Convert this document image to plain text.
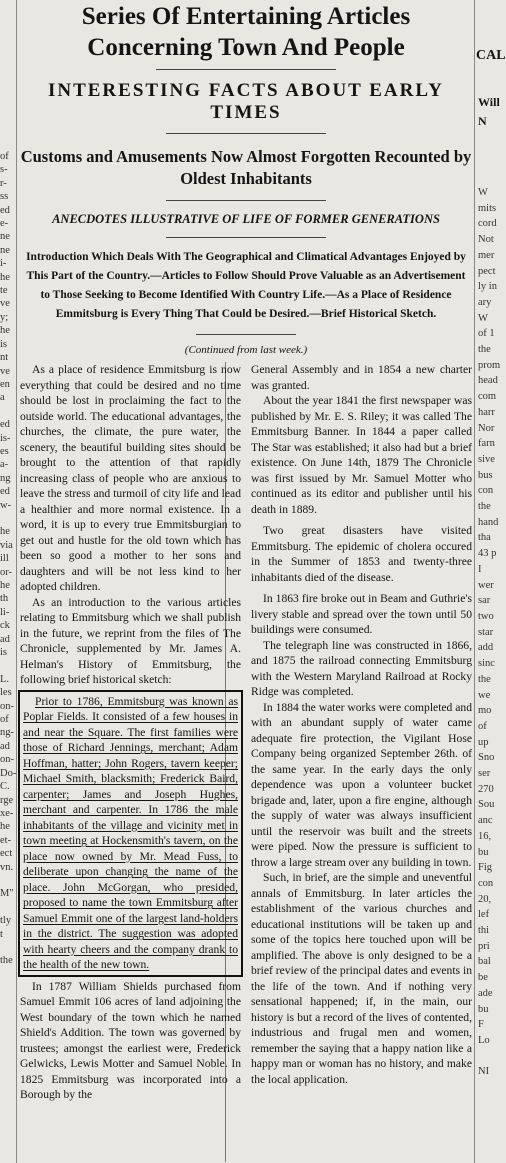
of
s-
r-
ss
ed
e-
ne
ne
i-
he
te
ve
y;
he
is
nt
ve
en
a

ed
is-
es
a-
ng
ed
w-

he
via
ill
or-
he
th
li-
ck
ad
is

L.
les
on-
of
ng-
ad
on-
Do-
C.
rge
xe-
he
et-
ect
vn.

M"

tly
t

the
CAL
Will
N
W
mits
cord
Not
mer
pect
ly in
ary
W
of 1
the
prom
head
com
harr
Nor
farn
sive
bus
con
the
hand
tha
43 p
I
wer
sar
two
star
add
sinc
the
we
mo
of
up
Sno
ser
270
Sou
anc
16,
bu
Fig
con
20,
lef
thi
pri
bal
be
ade
bu
F
Lo

NI

Series Of Entertaining Articles Concerning Town And People
INTERESTING FACTS ABOUT EARLY TIMES
Customs and Amusements Now Almost Forgotten Recounted by Oldest Inhabitants
ANECDOTES ILLUSTRATIVE OF LIFE OF FORMER GENERATIONS

Introduction Which Deals With The Geographical and Climatical Advantages Enjoyed by This Part of the Country.—Articles to Follow Should Prove Valuable as an Advertisement to Those Seeking to Become Identified With Country Life.—As a Place of Residence Emmitsburg is Every Thing That Could be Desired.—Brief Historical Sketch.

(Continued from last week.)

As a place of residence Emmitsburg is now everything that could be desired and no time should be lost in proclaiming the fact to the outside world. The educational advantages, the churches, the climate, the pure water, the scenery, the beautiful building sites should be brought to the attention of that rapidly increasing class of people who are anxious to leave the stress and turmoil of city life and lead a healthier and more normal existence. In a word, it is up to every true Emmitsburgian to get out and hustle for the old town which has been so good a mother to her sons and daughters and will be not less kind to her adopted children.

As an introduction to the various articles relating to Emmitsburg which we shall publish in the future, we reprint from the files of The Chronicle, supplemented by Mr. James A. Helman's History of Emmitsburg, the following brief historical sketch:

Prior to 1786, Emmitsburg was known as Poplar Fields. It consisted of a few houses in and near the Square. The first families were those of Richard Jennings, merchant; Adam Hoffman, hatter; John Rogers, tavern keeper; Michael Smith, blacksmith; Frederick Baird, carpenter; James and Joseph Hughes, merchant and carpenter. In 1786 the male inhabitants of the village and vicinity met in town meeting at Hockensmith's tavern, on the place now owned by Mr. Mead Fuss, to deliberate upon changing the name of the place. John McGorgan, who presided, proposed to name the town Emmitsburg after Samuel Emmit one of the largest land-holders in the district. The suggestion was adopted with hearty cheers and the company drank to the health of the new town.

In 1787 William Shields purchased from Samuel Emmit 106 acres of land adjoining the West boundary of the town which he named Shield's Addition. The town was governed by trustees; amongst the earliest were, Frederick Gelwicks, Lewis Motter and Samuel Noble. In 1825 Emmitsburg was incorporated into a Borough by the

General Assembly and in 1854 a new charter was granted.

About the year 1841 the first newspaper was published by Mr. E. S. Riley; it was called The Emmitsburg Banner. In 1844 a paper called The Star was established; it also had but a brief existence. On June 14th, 1879 The Chronicle was first issued by Mr. Samuel Motter who continued as its editor and publisher until his death in 1889.

Two great disasters have visited Emmitsburg. The epidemic of cholera occured in the Summer of 1853 and twenty-three inhabitants died of the disease.

In 1863 fire broke out in Beam and Guthrie's livery stable and spread over the town until 50 buildings were consumed.

The telegraph line was constructed in 1866, and 1875 the railroad connecting Emmitsburg with the Western Maryland Railroad at Rocky Ridge was completed.

In 1884 the water works were completed and with an abundant supply of water came adequate fire protection, the Vigilant Hose Company being organized September 26th. of the same year. In the early days the only dependence was upon a volunteer bucket brigade and, later, upon a fire engine, although the supply of water was always insufficient until the reservoir was built and the streets were piped. Now the pressure is sufficient to throw a large stream over any building in town.

Such, in brief, are the simple and uneventful annals of Emmitsburg. In later articles the establishment of the various churches and educational institutions will be taken up and some of the topics here touched upon will be amplified. The above is only designed to be a brief review of the principal dates and events in the life of the town. And if nothing very sensational happened; if, in the main, our history is but a record of the lives of contented, industrious and frugal men and women, remember the saying that a happy nation like a happy man or woman has no history, and make the local application.
